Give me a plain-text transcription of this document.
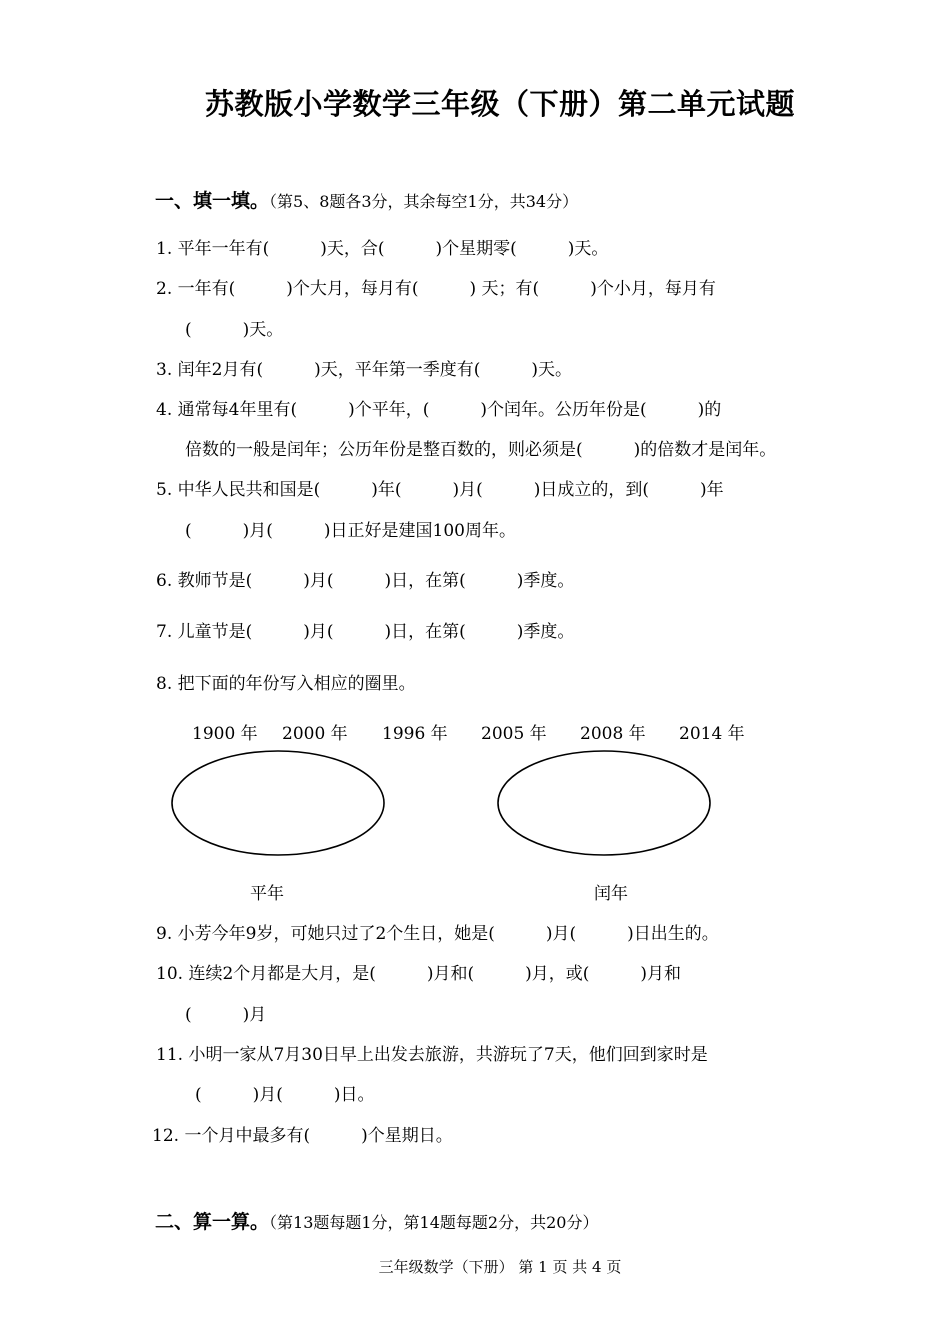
苏教版小学数学三年级（下册）第二单元试题
一、填一填。（第5、8题各3分，其余每空1分，共34分）
1. 平年一年有(　　　)天，合(　　　)个星期零(　　　)天。
2. 一年有(　　　)个大月，每月有(　　　) 天；有(　　　)个小月，每月有
(　　　)天。
3. 闰年2月有(　　　)天，平年第一季度有(　　　)天。
4. 通常每4年里有(　　　)个平年，(　　　)个闰年。公历年份是(　　　)的
倍数的一般是闰年；公历年份是整百数的，则必须是(　　　)的倍数才是闰年。
5. 中华人民共和国是(　　　)年(　　　)月(　　　)日成立的，到(　　　)年
(　　　)月(　　　)日正好是建国100周年。
6. 教师节是(　　　)月(　　　)日，在第(　　　)季度。
7. 儿童节是(　　　)月(　　　)日，在第(　　　)季度。
8. 把下面的年份写入相应的圈里。
1900 年 2000 年 1996 年 2005 年 2008 年 2014 年
平年	闰年
9. 小芳今年9岁，可她只过了2个生日，她是(　　　)月(　　　)日出生的。
10. 连续2个月都是大月，是(　　　)月和(　　　)月，或(　　　)月和
(　　　)月
11. 小明一家从7月30日早上出发去旅游，共游玩了7天，他们回到家时是
(　　　)月(　　　)日。
12. 一个月中最多有(　　　)个星期日。
二、算一算。（第13题每题1分，第14题每题2分，共20分）
三年级数学（下册） 第 1 页 共 4 页
